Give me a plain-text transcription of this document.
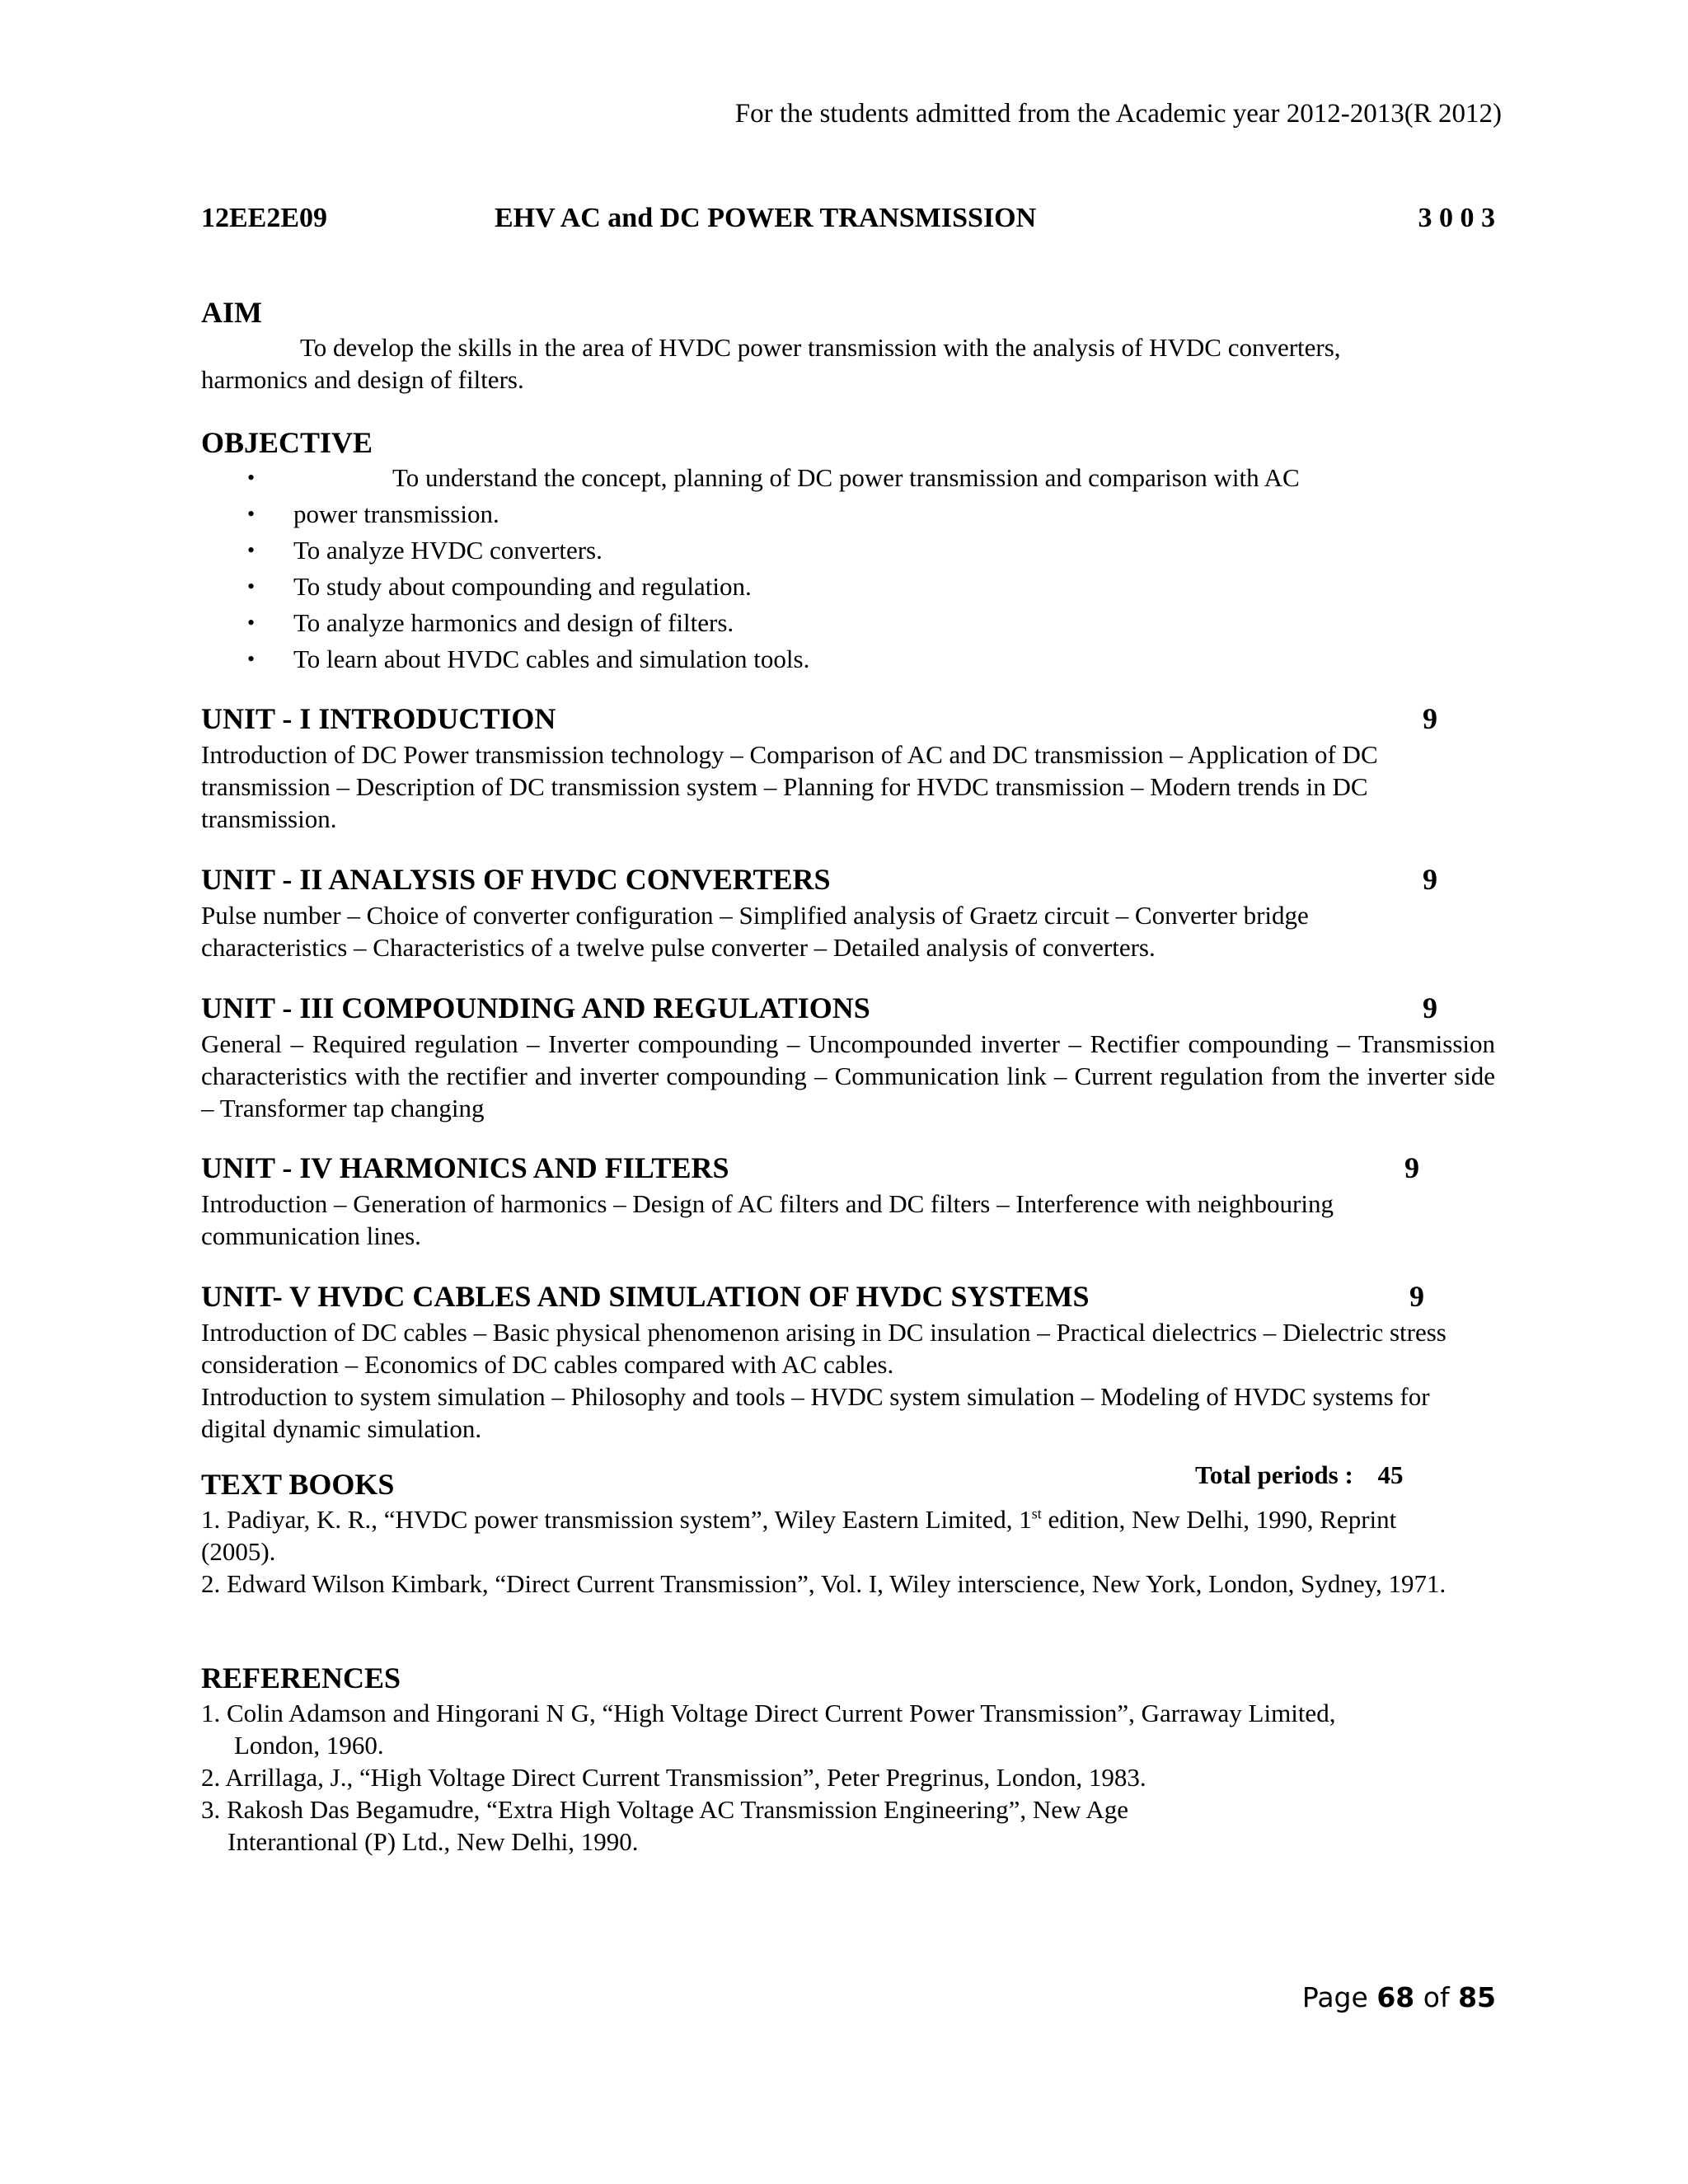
For the students admitted from the Academic year 2012-2013(R 2012)
12EE2E09	EHV AC and DC POWER TRANSMISSION	3 0 0 3
AIM
To develop the skills in the area of HVDC power transmission with the analysis of HVDC converters, harmonics and design of filters.
OBJECTIVE
•	To understand the concept, planning of DC power transmission and comparison with AC
• power transmission.
• To analyze HVDC converters.
• To study about compounding and regulation.
• To analyze harmonics and design of filters.
• To learn about HVDC cables and simulation tools.
UNIT - I INTRODUCTION	9
Introduction of DC Power transmission technology – Comparison of AC and DC transmission – Application of DC transmission – Description of DC transmission system – Planning for HVDC transmission – Modern trends in DC transmission.
UNIT - II ANALYSIS OF HVDC CONVERTERS	9
Pulse number – Choice of converter configuration – Simplified analysis of Graetz circuit – Converter bridge characteristics – Characteristics of a twelve pulse converter – Detailed analysis of converters.
UNIT - III COMPOUNDING AND REGULATIONS	9
General – Required regulation – Inverter compounding – Uncompounded inverter – Rectifier compounding – Transmission characteristics with the rectifier and inverter compounding – Communication link – Current regulation from the inverter side – Transformer tap changing
UNIT - IV HARMONICS AND FILTERS	9
Introduction – Generation of harmonics – Design of AC filters and DC filters – Interference with neighbouring communication lines.
UNIT- V HVDC CABLES AND SIMULATION OF HVDC SYSTEMS	9
Introduction of DC cables – Basic physical phenomenon arising in DC insulation – Practical dielectrics – Dielectric stress consideration – Economics of DC cables compared with AC cables.
Introduction to system simulation – Philosophy and tools – HVDC system simulation – Modeling of HVDC systems for digital dynamic simulation.
Total periods : 45
TEXT BOOKS
1. Padiyar, K. R., “HVDC power transmission system”, Wiley Eastern Limited, 1st edition, New Delhi, 1990, Reprint (2005).
2. Edward Wilson Kimbark, “Direct Current Transmission”, Vol. I, Wiley interscience, New York, London, Sydney, 1971.
REFERENCES
1. Colin Adamson and Hingorani N G, “High Voltage Direct Current Power Transmission”, Garraway Limited,
London, 1960.
2. Arrillaga, J., “High Voltage Direct Current Transmission”, Peter Pregrinus, London, 1983.
3. Rakosh Das Begamudre, “Extra High Voltage AC Transmission Engineering”, New Age
Interantional (P) Ltd., New Delhi, 1990.
Page 68 of 85
